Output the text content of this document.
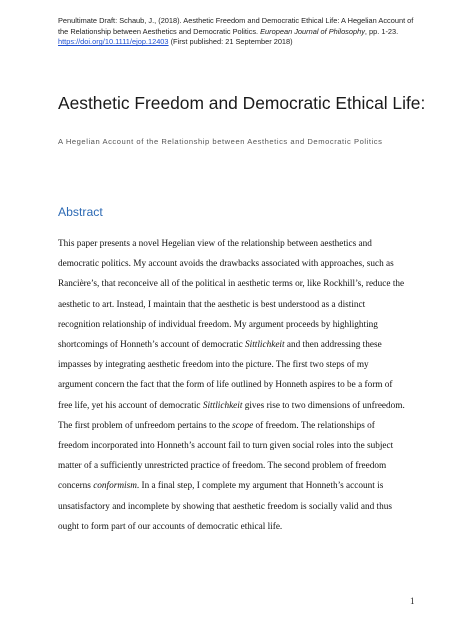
Penultimate Draft: Schaub, J., (2018). Aesthetic Freedom and Democratic Ethical Life: A Hegelian Account of
the Relationship between Aesthetics and Democratic Politics. European Journal of Philosophy, pp. 1-23.
https://doi.org/10.1111/ejop.12403 (First published: 21 September 2018)
Aesthetic Freedom and Democratic Ethical Life:
A Hegelian Account of the Relationship between Aesthetics and Democratic Politics
Abstract
This paper presents a novel Hegelian view of the relationship between aesthetics and
democratic politics. My account avoids the drawbacks associated with approaches, such as
Rancière’s, that reconceive all of the political in aesthetic terms or, like Rockhill’s, reduce the
aesthetic to art. Instead, I maintain that the aesthetic is best understood as a distinct
recognition relationship of individual freedom. My argument proceeds by highlighting
shortcomings of Honneth’s account of democratic Sittlichkeit and then addressing these
impasses by integrating aesthetic freedom into the picture. The first two steps of my
argument concern the fact that the form of life outlined by Honneth aspires to be a form of
free life, yet his account of democratic Sittlichkeit gives rise to two dimensions of unfreedom.
The first problem of unfreedom pertains to the scope of freedom. The relationships of
freedom incorporated into Honneth’s account fail to turn given social roles into the subject
matter of a sufficiently unrestricted practice of freedom. The second problem of freedom
concerns conformism. In a final step, I complete my argument that Honneth’s account is
unsatisfactory and incomplete by showing that aesthetic freedom is socially valid and thus
ought to form part of our accounts of democratic ethical life.
1
